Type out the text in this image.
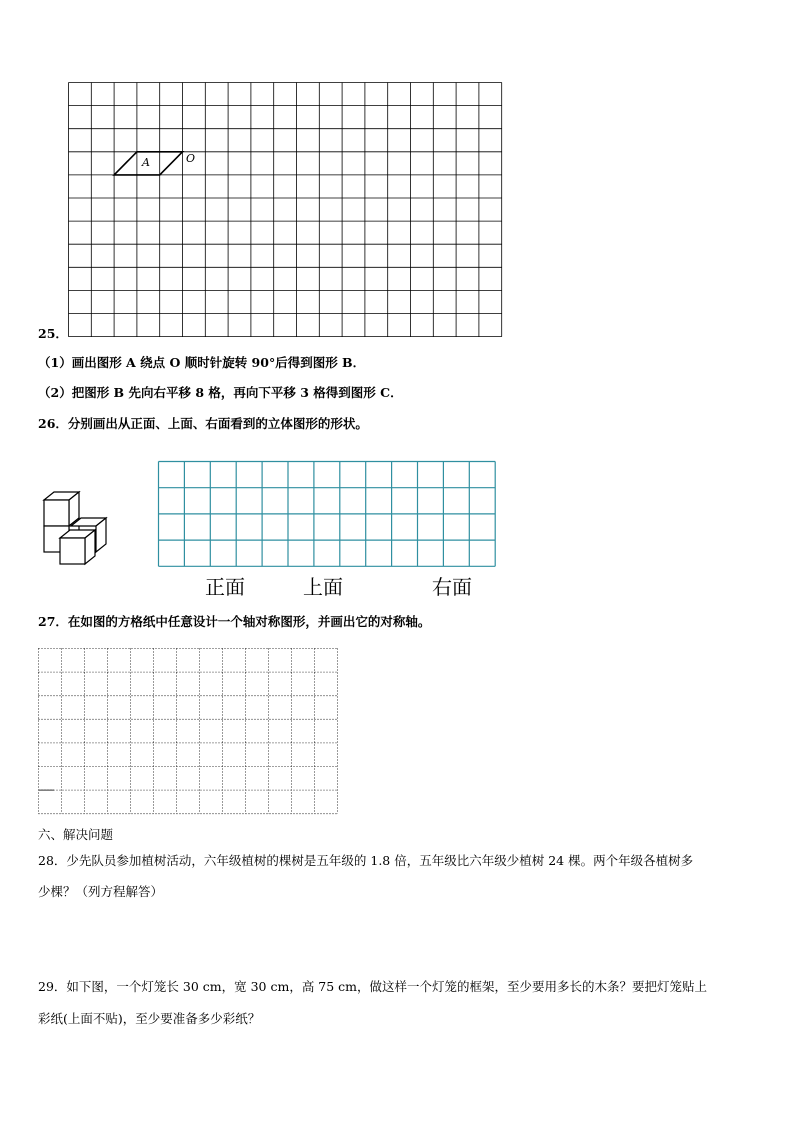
A	O
25．
（1）画出图形 A 绕点 O 顺时针旋转 90°后得到图形 B．
（2）把图形 B 先向右平移 8 格，再向下平移 3 格得到图形 C．
26．分别画出从正面、上面、右面看到的立体图形的形状。
正面	上面	右面
27．在如图的方格纸中任意设计一个轴对称图形，并画出它的对称轴。
六、解决问题
28．少先队员参加植树活动，六年级植树的棵树是五年级的 1.8 倍，五年级比六年级少植树 24 棵。两个年级各植树多
少棵？（列方程解答）
29．如下图，一个灯笼长 30 cm，宽 30 cm，高 75 cm，做这样一个灯笼的框架，至少要用多长的木条？要把灯笼贴上
彩纸(上面不贴)，至少要准备多少彩纸？
